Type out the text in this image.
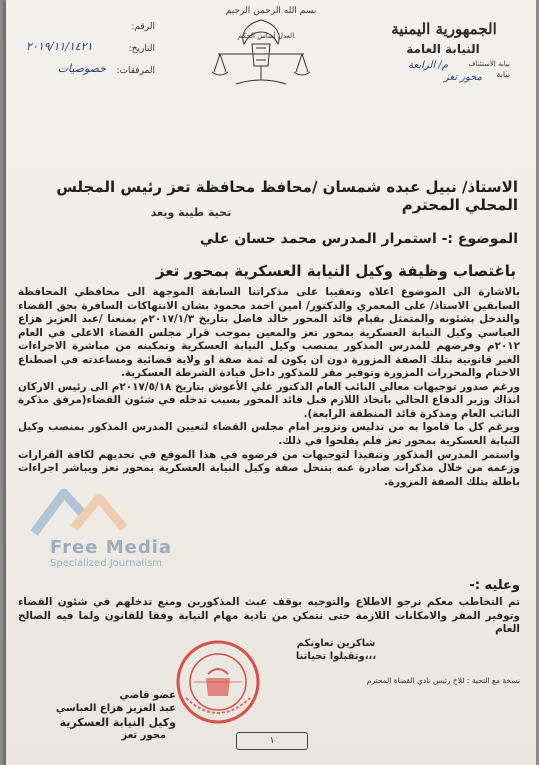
بسم الله الرحمن الرحيم
الجمهورية اليمنية
النيابة العامة
نيابة الاستئناف
نيابة
م/ الرابعة
محور تعز
العدل أساس الحكم
الرقم:
٢٠١٩/١١/١٤٢١	التاريخ:
المرفقات:
خصوصيات
الاستاذ/ نبيل عبده شمسان /محافظ محافظة تعز رئيس المجلس المحلي المحترم
تحية طيبة وبعد
الموضوع :- استمرار المدرس محمد حسان علي
باغتصاب وظيفة وكيل النيابة العسكرية بمحور تعز

بالاشارة الى الموضوع اعلاه وتعقيبا على مذكراتنا السابقة الموجهة الى محافظي المحافظة السابقين الاستاذ/ على المعمري والدكتور/ امين احمد محمود بشان الانتهاكات السافرة بحق القضاء والتدخل بشئونه والمتمثل بقيام قائد المحور خالد فاضل بتاريخ ٢٠١٧/١/٣م بمنعنا /عبد العزيز هزاع العباسي وكيل النيابة العسكرية بمحور تعز والمعين بموجب قرار مجلس القضاء الاعلى في العام ٢٠١٢م وفرضهم للمدرس المذكور بمنصب وكيل النيابة العسكرية وتمكينه من مباشرة الاجراءات الغير قانونية بتلك الصفة المزورة دون ان يكون له ثمة صفة او ولاية قضائية ومساعدته في اصطناع الاختام والمحررات المزورة وتوفير مقر للمذكور داخل قيادة الشرطة العسكرية.

ورغم صدور توجيهات معالي النائب العام الدكتور علي الأعوش بتاريخ ٢٠١٧/٥/١٨م الى رئيس الاركان انذاك وزير الدفاع الحالي باتخاذ اللازم قبل قائد المحور بسبب تدخله في شئون القضاء(مرفق مذكرة النائب العام ومذكرة قائد المنطقة الرابعة).

ويرغم كل ما قاموا به من تدليس وتزوير امام مجلس القضاء لتعيين المدرس المذكور بمنصب وكيل النيابة العسكرية بمحور تعز فلم يفلحوا في ذلك.

واستمر المدرس المذكور وتنفيذا لتوجيهات من فرضوه في هذا الموقع في تحديهم لكافة القرارات وزعمه من خلال مذكرات صادرة عنه بتنحل صفة وكيل النيابة العسكرية بمحور تعز ويباشر اجراءات باطلة بتلك الصفة المزورة.

Free Media
Specialized Journalism
وعليه :-
تم التخاطب معكم نرجو الاطلاع والتوجيه بوقف عبث المذكورين ومنع تدخلهم في شئون القضاء وتوفير المقر والامكانات اللازمة حتى نتمكن من تادية مهام النيابة وفقا للقانون ولما فيه الصالح العام
شاكرين تعاونكم
،،،وتقبلوا تحياتنا
نسخة مع التحية : للاخ رئيس نادي القضاة المحترم
عضو قاضي
عبد العزيز هزاع العباسي
وكيل النيابة العسكرية
محور تعز	١
